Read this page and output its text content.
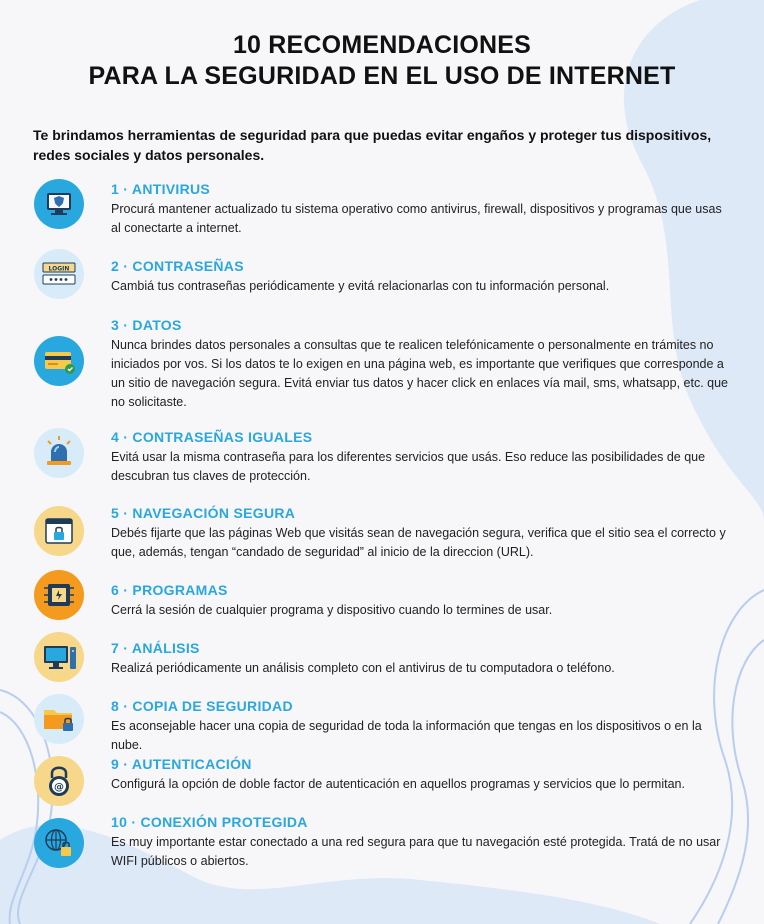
10 RECOMENDACIONES
PARA LA SEGURIDAD EN EL USO DE INTERNET
Te brindamos herramientas de seguridad para que puedas evitar engaños y proteger tus dispositivos, redes sociales y datos personales.
1 · ANTIVIRUS
Procurá mantener actualizado tu sistema operativo como antivirus, firewall, dispositivos y programas que usas al conectarte a internet.
LOGIN	2 · CONTRASEÑAS
Cambiá tus contraseñas periódicamente y evitá relacionarlas con tu información personal.
3 · DATOS
Nunca brindes datos personales a consultas que te realicen telefónicamente o personalmente en trámites no iniciados por vos. Si los datos te lo exigen en una página web, es importante que verifiques que corresponde a un sitio de navegación segura. Evitá enviar tus datos y hacer click en enlaces vía mail, sms, whatsapp, etc. que no solicitaste.
4 · CONTRASEÑAS IGUALES
Evitá usar la misma contraseña para los diferentes servicios que usás. Eso reduce las posibilidades de que descubran tus claves de protección.
5 · NAVEGACIÓN SEGURA
Debés fijarte que las páginas Web que visitás sean de navegación segura, verifica que el sitio sea el correcto y que, además, tengan “candado de seguridad” al inicio de la direccion (URL).
6 · PROGRAMAS
Cerrá la sesión de cualquier programa y dispositivo cuando lo termines de usar.
7 · ANÁLISIS
Realizá periódicamente un análisis completo con el antivirus de tu computadora o teléfono.
8 · COPIA DE SEGURIDAD
Es aconsejable hacer una copia de seguridad de toda la información que tengas en los dispositivos o en la nube.
@
9 · AUTENTICACIÓN
Configurá la opción de doble factor de autenticación en aquellos programas y servicios que lo permitan.
10 · CONEXIÓN PROTEGIDA
Es muy importante estar conectado a una red segura para que tu navegación esté protegida. Tratá de no usar WIFI públicos o abiertos.
